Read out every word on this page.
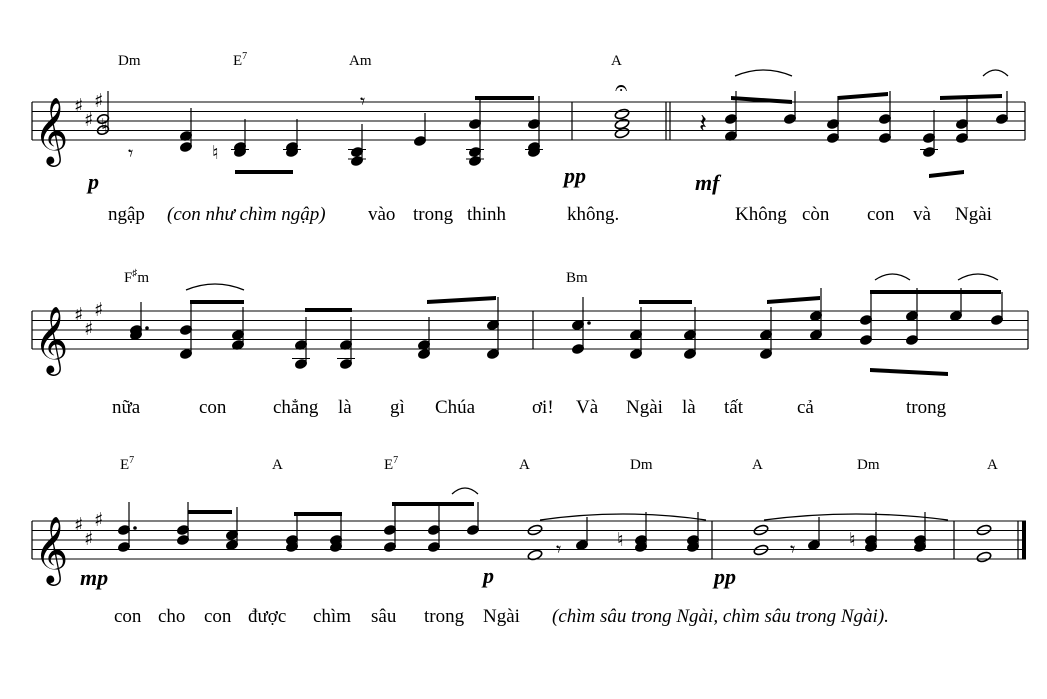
𝄞 ♯
♯
♯
Dm	$E^7$	Am	A
p	pp	mf
ngập (con như chìm ngập) vào trong thinh	không.	Không còn con và Ngài
♮
♮
𝄾
𝄾
𝄽
𝄐
𝄞 ♯
♯
♯
F♯m	Bm
nữa	con chẳng là gì Chúa	ơi! Và Ngài là tất	cả	trong
𝄞 ♯
♯
♯
$E^7$	A	$E^7$	A	Dm	A	Dm	A
mp	p	pp
con cho con được chìm sâu trong Ngài (chìm sâu trong Ngài, chìm sâu trong Ngài).
♮	♮
𝄾	𝄾
